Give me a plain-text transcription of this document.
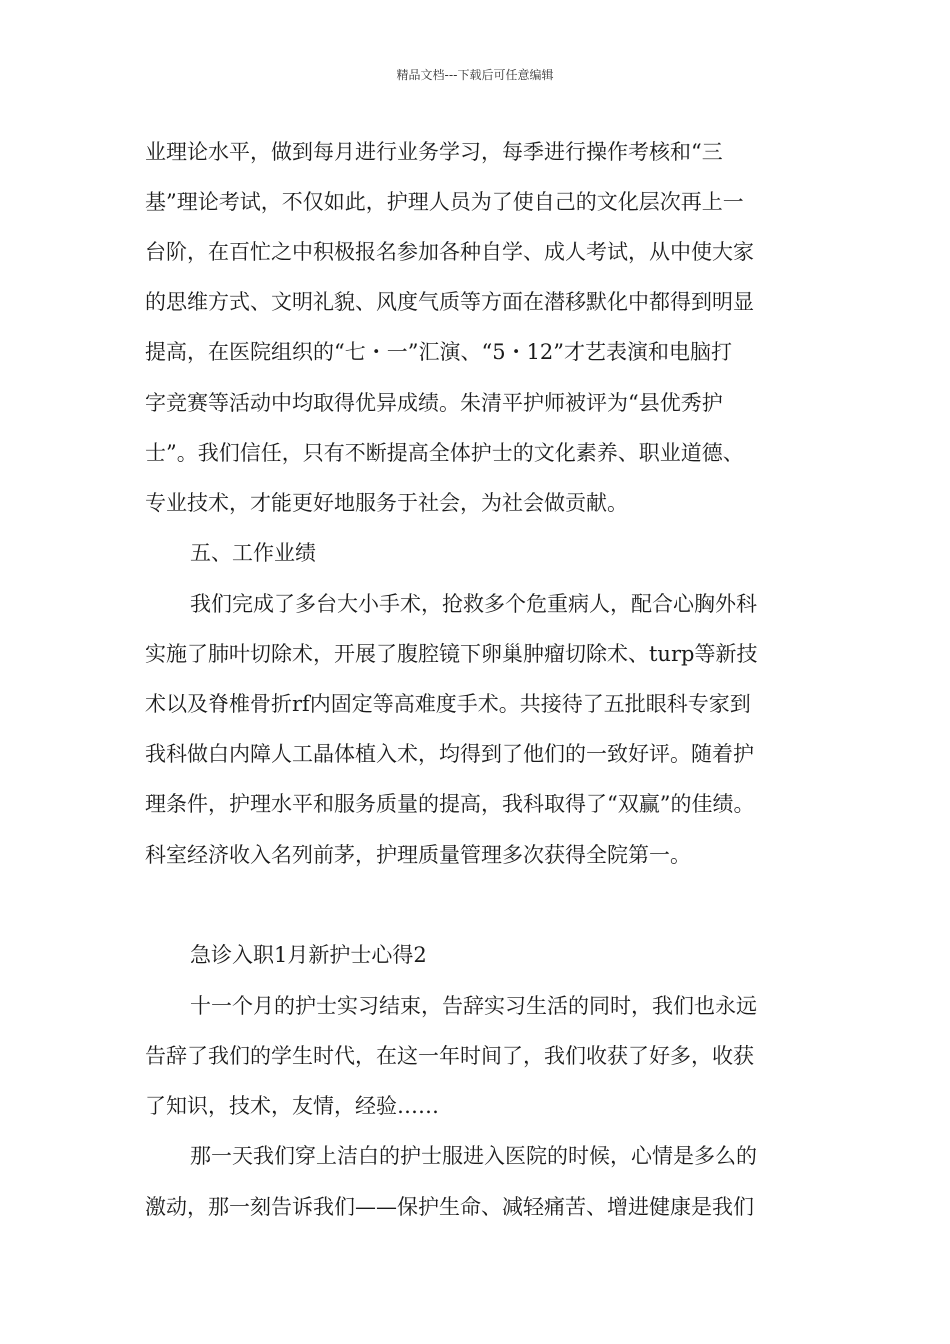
精品文档---下载后可任意编辑
业理论水平，做到每月进行业务学习，每季进行操作考核和“三
基”理论考试，不仅如此，护理人员为了使自己的文化层次再上一
台阶，在百忙之中积极报名参加各种自学、成人考试，从中使大家
的思维方式、文明礼貌、风度气质等方面在潜移默化中都得到明显
提高，在医院组织的“七・一”汇演、“5・12”才艺表演和电脑打
字竞赛等活动中均取得优异成绩。朱清平护师被评为“县优秀护
士”。我们信任，只有不断提高全体护士的文化素养、职业道德、
专业技术，才能更好地服务于社会，为社会做贡献。
五、工作业绩
我们完成了多台大小手术，抢救多个危重病人，配合心胸外科
实施了肺叶切除术，开展了腹腔镜下卵巢肿瘤切除术、turp等新技
术以及脊椎骨折rf内固定等高难度手术。共接待了五批眼科专家到
我科做白内障人工晶体植入术，均得到了他们的一致好评。随着护
理条件，护理水平和服务质量的提高，我科取得了“双赢”的佳绩。
科室经济收入名列前茅，护理质量管理多次获得全院第一。
急诊入职1月新护士心得2
十一个月的护士实习结束，告辞实习生活的同时，我们也永远
告辞了我们的学生时代，在这一年时间了，我们收获了好多，收获
了知识，技术，友情，经验……
那一天我们穿上洁白的护士服进入医院的时候，心情是多么的
激动，那一刻告诉我们——保护生命、减轻痛苦、增进健康是我们
